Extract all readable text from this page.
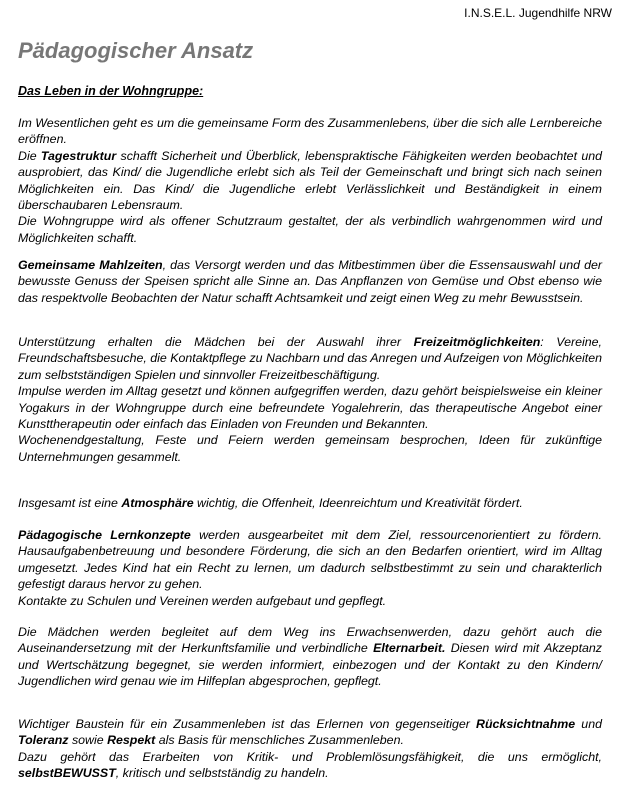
I.N.S.E.L. Jugendhilfe NRW
Pädagogischer Ansatz
Das Leben in der Wohngruppe:

Im Wesentlichen geht es um die gemeinsame Form des Zusammenlebens, über die sich alle Lernbereiche eröffnen.

Die Tagestruktur schafft Sicherheit und Überblick, lebenspraktische Fähigkeiten werden beobachtet und ausprobiert, das Kind/ die Jugendliche erlebt sich als Teil der Gemeinschaft und bringt sich nach seinen Möglichkeiten ein. Das Kind/ die Jugendliche erlebt Verlässlichkeit und Beständigkeit in einem überschaubaren Lebensraum.

Die Wohngruppe wird als offener Schutzraum gestaltet, der als verbindlich wahrgenommen wird und Möglichkeiten schafft.

Gemeinsame Mahlzeiten, das Versorgt werden und das Mitbestimmen über die Essensauswahl und der bewusste Genuss der Speisen spricht alle Sinne an. Das Anpflanzen von Gemüse und Obst ebenso wie das respektvolle Beobachten der Natur schafft Achtsamkeit und zeigt einen Weg zu mehr Bewusstsein.

Unterstützung erhalten die Mädchen bei der Auswahl ihrer Freizeitmöglichkeiten: Vereine, Freundschaftsbesuche, die Kontaktpflege zu Nachbarn und das Anregen und Aufzeigen von Möglichkeiten zum selbstständigen Spielen und sinnvoller Freizeitbeschäftigung.

Impulse werden im Alltag gesetzt und können aufgegriffen werden, dazu gehört beispielsweise ein kleiner Yogakurs in der Wohngruppe durch eine befreundete Yogalehrerin, das therapeutische Angebot einer Kunsttherapeutin oder einfach das Einladen von Freunden und Bekannten.

Wochenendgestaltung, Feste und Feiern werden gemeinsam besprochen, Ideen für zukünftige Unternehmungen gesammelt.

Insgesamt ist eine Atmosphäre wichtig, die Offenheit, Ideenreichtum und Kreativität fördert.

Pädagogische Lernkonzepte werden ausgearbeitet mit dem Ziel, ressourcenorientiert zu fördern. Hausaufgabenbetreuung und besondere Förderung, die sich an den Bedarfen orientiert, wird im Alltag umgesetzt. Jedes Kind hat ein Recht zu lernen, um dadurch selbstbestimmt zu sein und charakterlich gefestigt daraus hervor zu gehen.

Kontakte zu Schulen und Vereinen werden aufgebaut und gepflegt.

Die Mädchen werden begleitet auf dem Weg ins Erwachsenwerden, dazu gehört auch die Auseinandersetzung mit der Herkunftsfamilie und verbindliche Elternarbeit. Diesen wird mit Akzeptanz und Wertschätzung begegnet, sie werden informiert, einbezogen und der Kontakt zu den Kindern/ Jugendlichen wird genau wie im Hilfeplan abgesprochen, gepflegt.

Wichtiger Baustein für ein Zusammenleben ist das Erlernen von gegenseitiger Rücksichtnahme und Toleranz sowie Respekt als Basis für menschliches Zusammenleben.

Dazu gehört das Erarbeiten von Kritik- und Problemlösungsfähigkeit, die uns ermöglicht, selbstBEWUSST, kritisch und selbstständig zu handeln.
